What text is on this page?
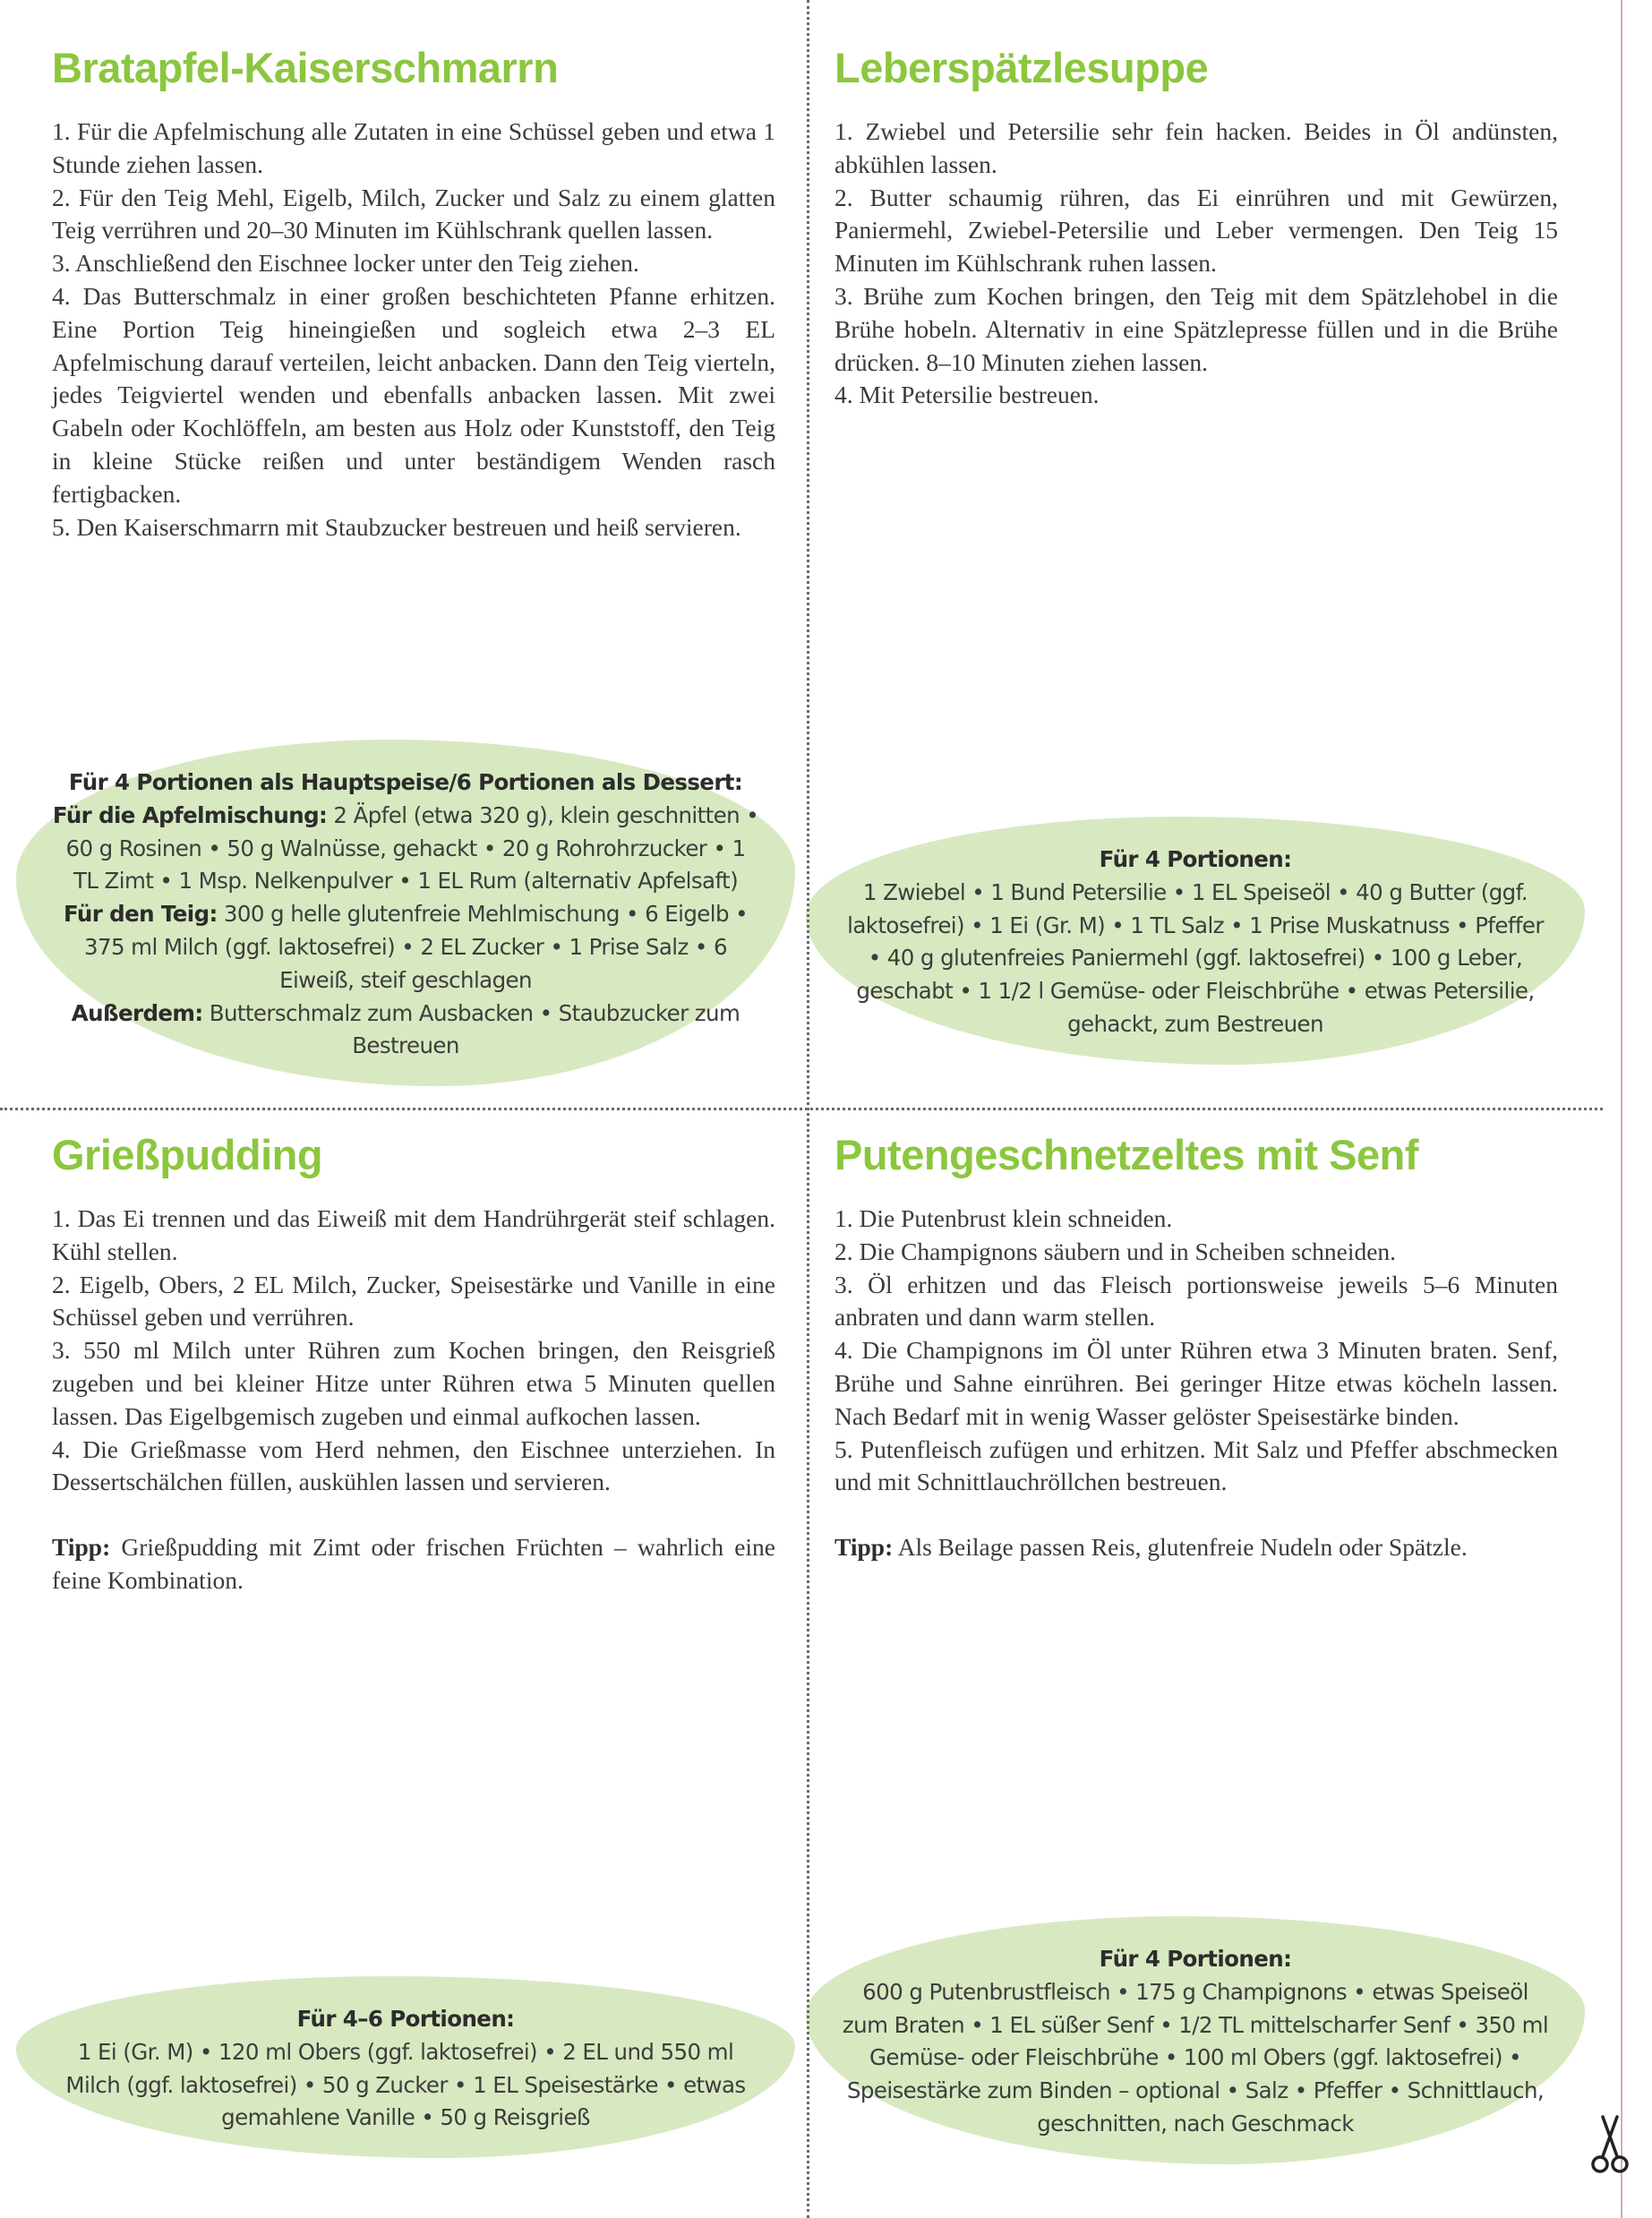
Bratapfel-Kaiserschmarrn

1. Für die Apfelmischung alle Zutaten in eine Schüssel geben und etwa 1 Stunde ziehen lassen.

2. Für den Teig Mehl, Eigelb, Milch, Zucker und Salz zu einem glatten Teig verrühren und 20–30 Minuten im Kühlschrank quellen lassen.

3. Anschließend den Eischnee locker unter den Teig ziehen.

4. Das Butterschmalz in einer großen beschichteten Pfanne erhitzen. Eine Portion Teig hineingießen und sogleich etwa 2–3 EL Apfelmischung darauf verteilen, leicht anbacken. Dann den Teig vierteln, jedes Teigviertel wenden und ebenfalls anbacken lassen. Mit zwei Gabeln oder Kochlöffeln, am besten aus Holz oder Kunststoff, den Teig in kleine Stücke reißen und unter beständigem Wenden rasch fertigbacken.

5. Den Kaiserschmarrn mit Staubzucker bestreuen und heiß servieren.

Für 4 Portionen als Hauptspeise/6 Portionen als Dessert:

Für die Apfelmischung: 2 Äpfel (etwa 320 g), klein geschnitten • 60 g Rosinen • 50 g Walnüsse, gehackt • 20 g Rohrohrzucker • 1 TL Zimt • 1 Msp. Nelkenpulver • 1 EL Rum (alternativ Apfelsaft)

Für den Teig: 300 g helle glutenfreie Mehlmischung • 6 Eigelb • 375 ml Milch (ggf. laktosefrei) • 2 EL Zucker • 1 Prise Salz • 6 Eiweiß, steif geschlagen

Außerdem: Butterschmalz zum Ausbacken • Staubzucker zum Bestreuen

Leberspätzlesuppe

1. Zwiebel und Petersilie sehr fein hacken. Beides in Öl andünsten, abkühlen lassen.

2. Butter schaumig rühren, das Ei einrühren und mit Gewürzen, Paniermehl, Zwiebel-Petersilie und Leber vermengen. Den Teig 15 Minuten im Kühlschrank ruhen lassen.

3. Brühe zum Kochen bringen, den Teig mit dem Spätzlehobel in die Brühe hobeln. Alternativ in eine Spätzlepresse füllen und in die Brühe drücken. 8–10 Minuten ziehen lassen.

4. Mit Petersilie bestreuen.

Für 4 Portionen:

1 Zwiebel • 1 Bund Petersilie • 1 EL Speiseöl • 40 g Butter (ggf. laktosefrei) • 1 Ei (Gr. M) • 1 TL Salz • 1 Prise Muskatnuss • Pfeffer • 40 g glutenfreies Paniermehl (ggf. laktosefrei) • 100 g Leber, geschabt • 1 1/2 l Gemüse- oder Fleischbrühe • etwas Petersilie, gehackt, zum Bestreuen

Grießpudding

1. Das Ei trennen und das Eiweiß mit dem Handrührgerät steif schlagen. Kühl stellen.

2. Eigelb, Obers, 2 EL Milch, Zucker, Speisestärke und Vanille in eine Schüssel geben und verrühren.

3. 550 ml Milch unter Rühren zum Kochen bringen, den Reisgrieß zugeben und bei kleiner Hitze unter Rühren etwa 5 Minuten quellen lassen. Das Eigelbgemisch zugeben und einmal aufkochen lassen.

4. Die Grießmasse vom Herd nehmen, den Eischnee unterziehen. In Dessertschälchen füllen, auskühlen lassen und servieren.

Tipp: Grießpudding mit Zimt oder frischen Früchten – wahrlich eine feine Kombination.

Für 4–6 Portionen:

1 Ei (Gr. M) • 120 ml Obers (ggf. laktosefrei) • 2 EL und 550 ml Milch (ggf. laktosefrei) • 50 g Zucker • 1 EL Speisestärke • etwas gemahlene Vanille • 50 g Reisgrieß

Putengeschnetzeltes mit Senf

1. Die Putenbrust klein schneiden.

2. Die Champignons säubern und in Scheiben schneiden.

3. Öl erhitzen und das Fleisch portionsweise jeweils 5–6 Minuten anbraten und dann warm stellen.

4. Die Champignons im Öl unter Rühren etwa 3 Minuten braten. Senf, Brühe und Sahne einrühren. Bei geringer Hitze etwas köcheln lassen. Nach Bedarf mit in wenig Wasser gelöster Speisestärke binden.

5. Putenfleisch zufügen und erhitzen. Mit Salz und Pfeffer abschmecken und mit Schnittlauchröllchen bestreuen.

Tipp: Als Beilage passen Reis, glutenfreie Nudeln oder Spätzle.

Für 4 Portionen:

600 g Putenbrustfleisch • 175 g Champignons • etwas Speiseöl zum Braten • 1 EL süßer Senf • 1/2 TL mittelscharfer Senf • 350 ml Gemüse- oder Fleischbrühe • 100 ml Obers (ggf. laktosefrei) • Speisestärke zum Binden – optional • Salz • Pfeffer • Schnittlauch, geschnitten, nach Geschmack
